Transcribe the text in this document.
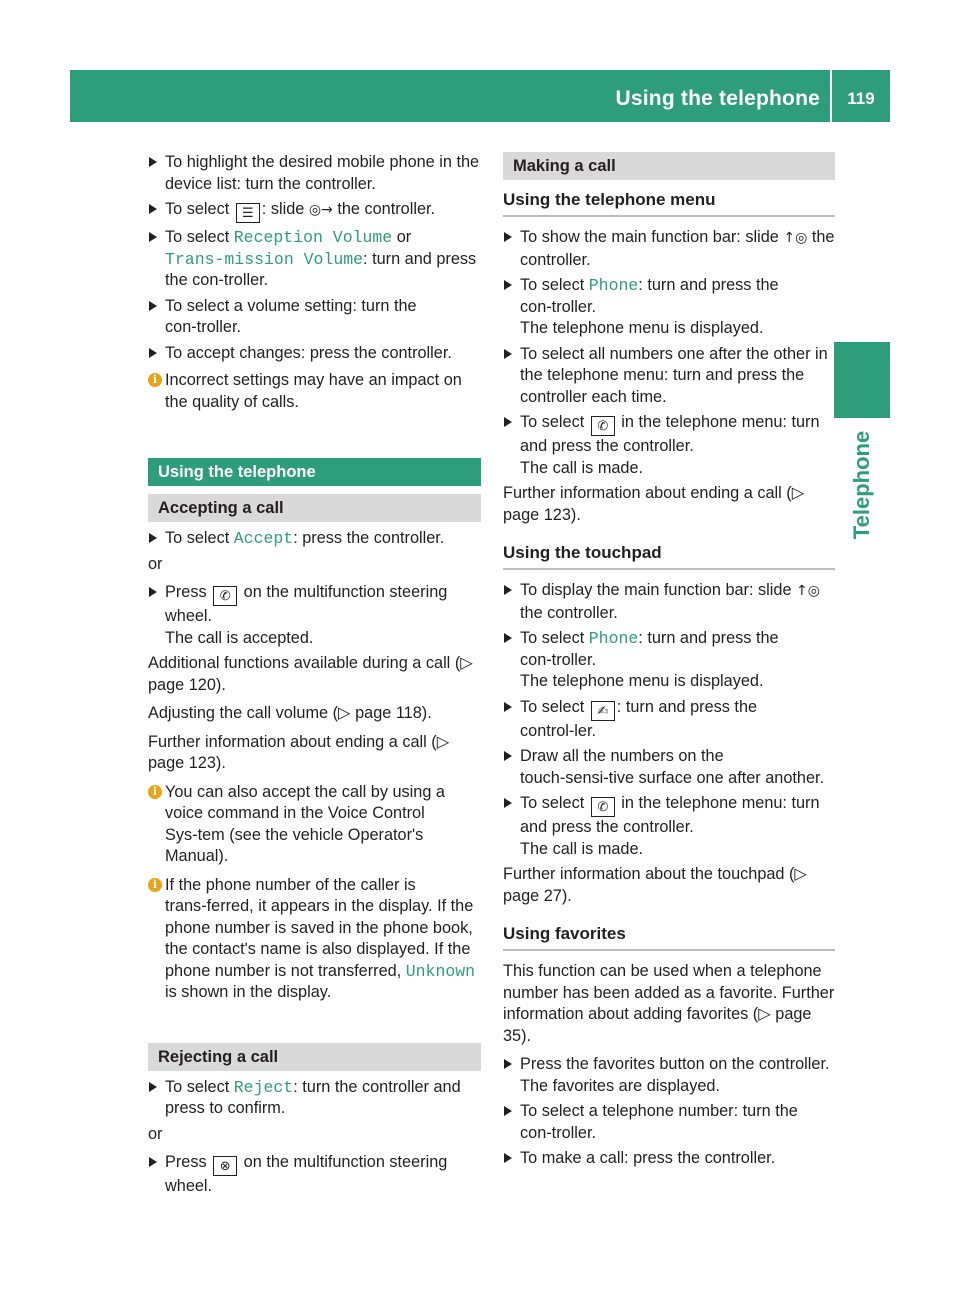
Using the telephone	119
Telephone
To highlight the desired mobile phone in the device list: turn the controller.
To select ☰ : slide ◎→ the controller.
To select Reception Volume or Trans‑mission Volume: turn and press the con‑troller.
To select a volume setting: turn the con‑troller.
To accept changes: press the controller.
i Incorrect settings may have an impact on the quality of calls.
Using the telephone
Accepting a call
To select Accept: press the controller.
or
Press ✆ on the multifunction steering wheel.
The call is accepted.
Additional functions available during a call (▷ page 120).
Adjusting the call volume (▷ page 118).
Further information about ending a call (▷ page 123).
i You can also accept the call by using a voice command in the Voice Control Sys‑tem (see the vehicle Operator's Manual).
i If the phone number of the caller is trans‑ferred, it appears in the display. If the phone number is saved in the phone book, the contact's name is also displayed. If the phone number is not transferred, Unknown is shown in the display.
Rejecting a call
To select Reject: turn the controller and press to confirm.
or
Press ⊗ on the multifunction steering wheel.
Making a call
Using the telephone menu
To show the main function bar: slide ↑◎ the controller.
To select Phone: turn and press the con‑troller.
The telephone menu is displayed.
To select all numbers one after the other in the telephone menu: turn and press the controller each time.
To select ✆ in the telephone menu: turn and press the controller.
The call is made.
Further information about ending a call (▷ page 123).
Using the touchpad
To display the main function bar: slide ↑◎ the controller.
To select Phone: turn and press the con‑troller.
The telephone menu is displayed.
To select ✍ : turn and press the control‑ler.
Draw all the numbers on the touch‑sensi‑tive surface one after another.
To select ✆ in the telephone menu: turn and press the controller.
The call is made.
Further information about the touchpad (▷ page 27).
Using favorites
This function can be used when a telephone number has been added as a favorite. Further information about adding favorites (▷ page 35).
Press the favorites button on the controller.
The favorites are displayed.
To select a telephone number: turn the con‑troller.
To make a call: press the controller.
